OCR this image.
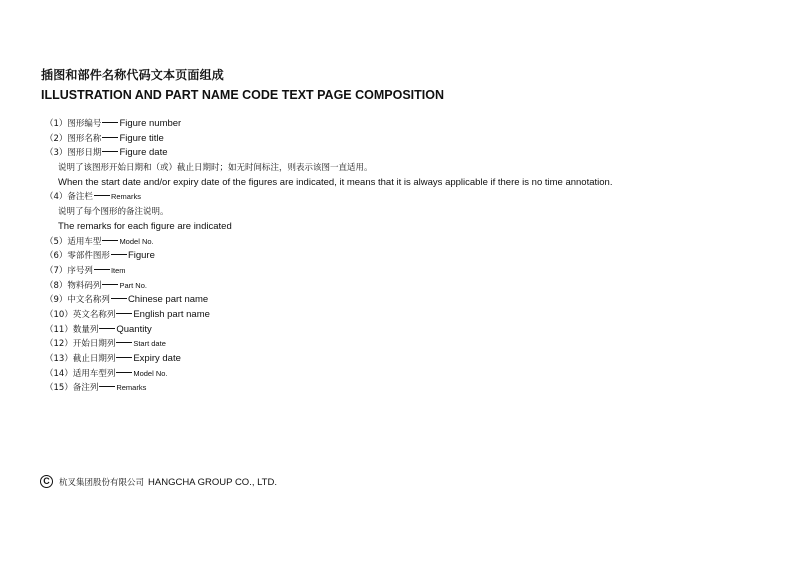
插图和部件名称代码文本页面组成
ILLUSTRATION AND PART NAME CODE TEXT PAGE COMPOSITION
（1）图形编号 Figure number
（2）图形名称 Figure title
（3）图形日期 Figure date
说明了该图形开始日期和（或）截止日期时；如无时间标注，则表示该图一直适用。
When the start date and/or expiry date of the figures are indicated, it means that it is always applicable if there is no time annotation.
（4）备注栏 Remarks
说明了每个图形的备注说明。
The remarks for each figure are indicated
（5）适用车型 Model No.
（6）零部件图形 Figure
（7）序号列 Item
（8）物料码列 Part No.
（9）中文名称列 Chinese part name
（10）英文名称列 English part name
（11）数量列 Quantity
（12）开始日期列 Start date
（13）截止日期列 Expiry date
（14）适用车型列 Model No.
（15）备注列 Remarks
C 杭叉集团股份有限公司 HANGCHA GROUP CO., LTD.
